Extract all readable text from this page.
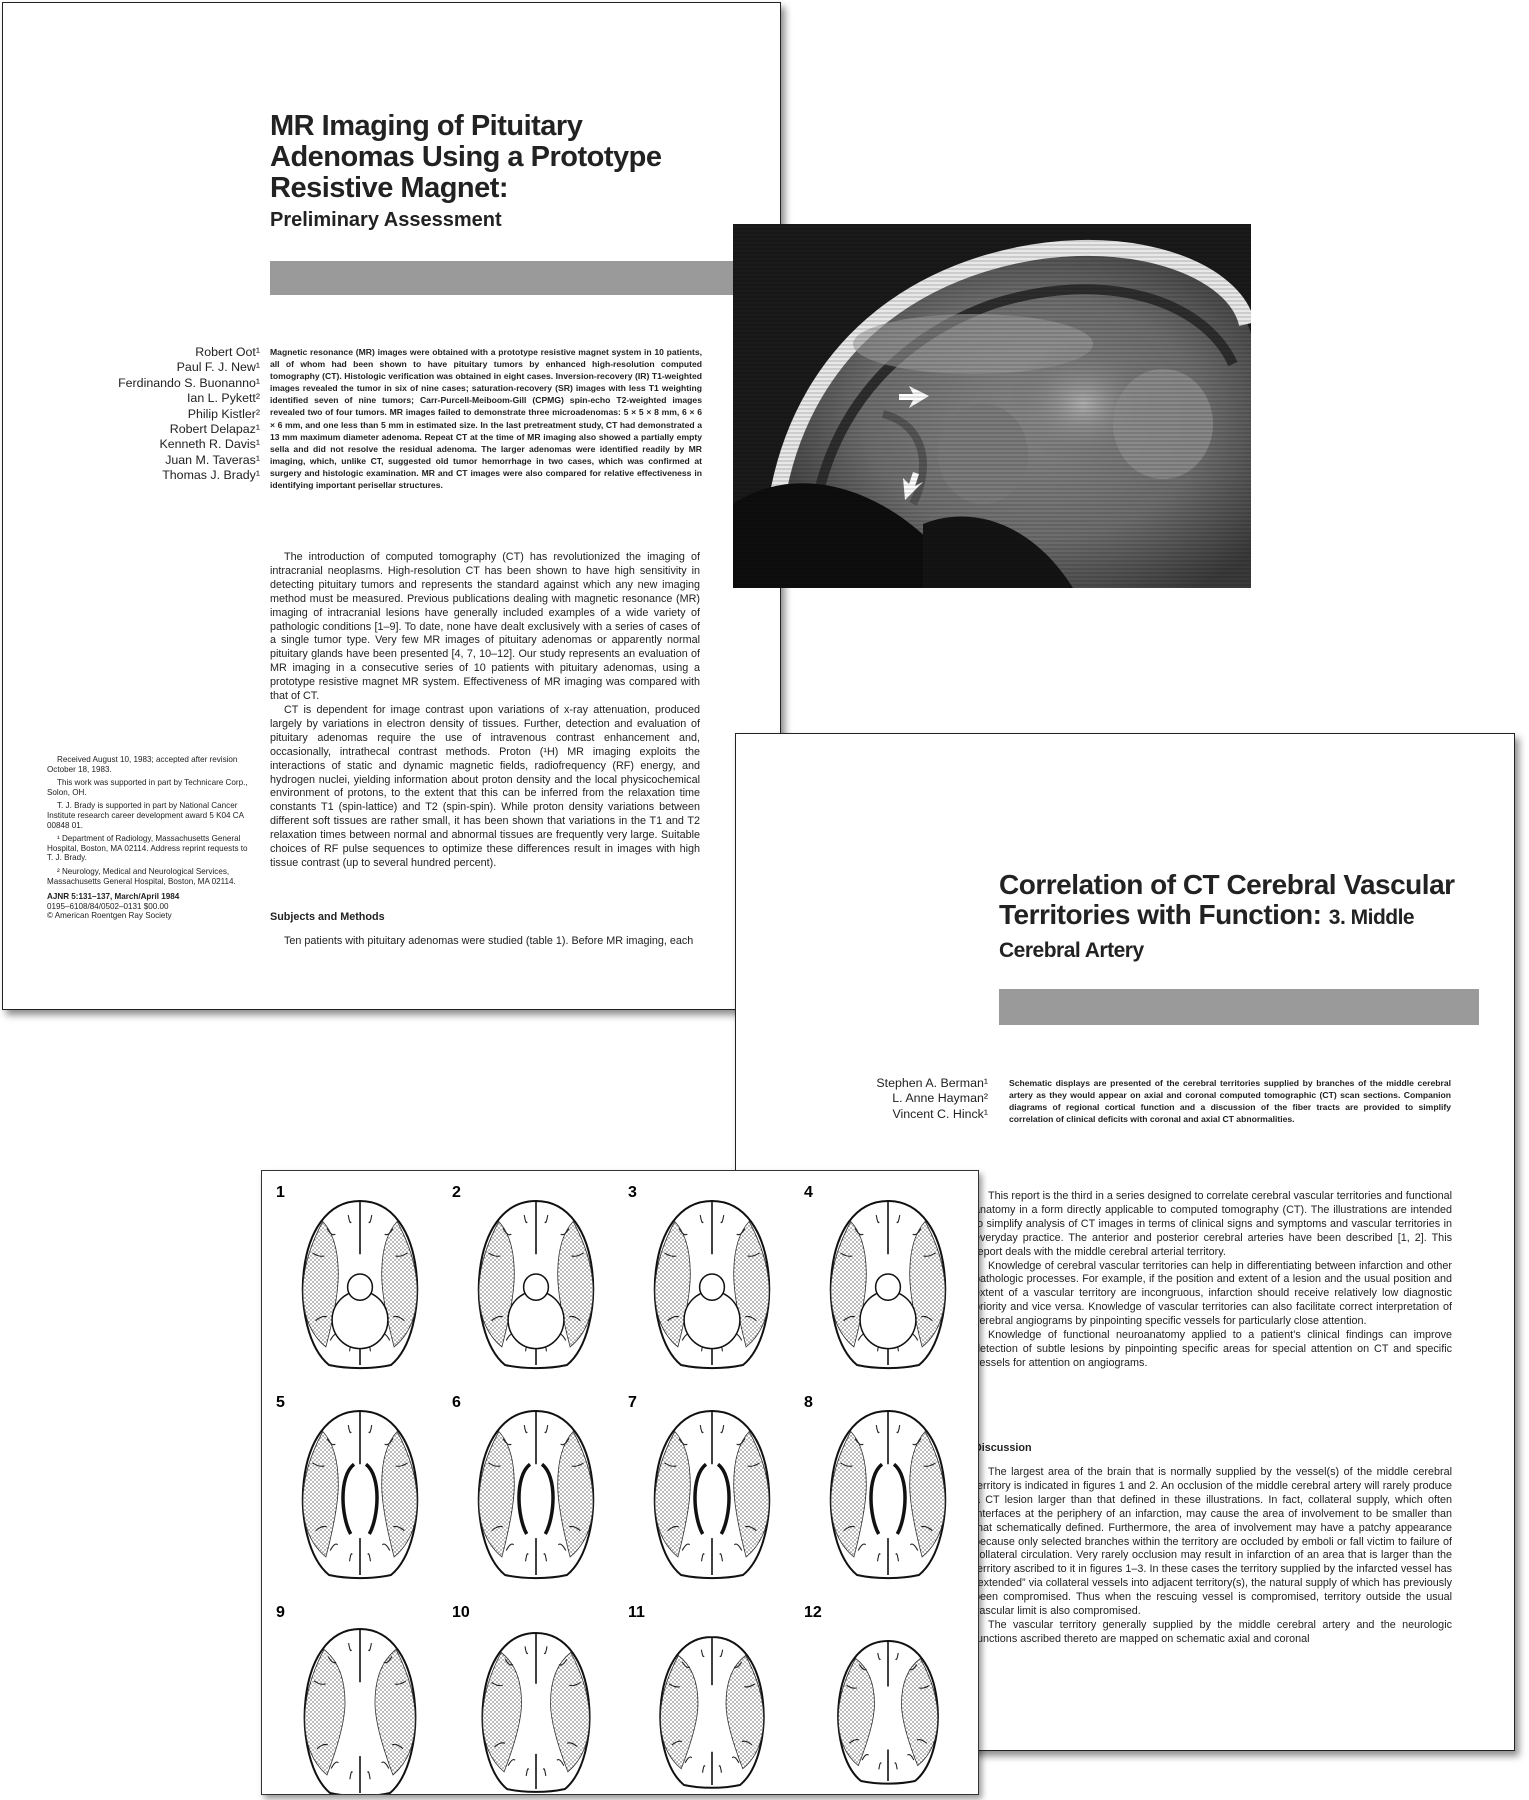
MR Imaging of Pituitary Adenomas Using a Prototype Resistive Magnet:
Preliminary Assessment
Robert Oot¹
Paul F. J. New¹
Ferdinando S. Buonanno¹
Ian L. Pykett²
Philip Kistler²
Robert Delapaz¹
Kenneth R. Davis¹
Juan M. Taveras¹
Thomas J. Brady¹
Magnetic resonance (MR) images were obtained with a prototype resistive magnet system in 10 patients, all of whom had been shown to have pituitary tumors by enhanced high-resolution computed tomography (CT). Histologic verification was obtained in eight cases. Inversion-recovery (IR) T1-weighted images revealed the tumor in six of nine cases; saturation-recovery (SR) images with less T1 weighting identified seven of nine tumors; Carr-Purcell-Meiboom-Gill (CPMG) spin-echo T2-weighted images revealed two of four tumors. MR images failed to demonstrate three microadenomas: 5 × 5 × 8 mm, 6 × 6 × 6 mm, and one less than 5 mm in estimated size. In the last pretreatment study, CT had demonstrated a 13 mm maximum diameter adenoma. Repeat CT at the time of MR imaging also showed a partially empty sella and did not resolve the residual adenoma. The larger adenomas were identified readily by MR imaging, which, unlike CT, suggested old tumor hemorrhage in two cases, which was confirmed at surgery and histologic examination. MR and CT images were also compared for relative effectiveness in identifying important perisellar structures.

The introduction of computed tomography (CT) has revolutionized the imaging of intracranial neoplasms. High-resolution CT has been shown to have high sensitivity in detecting pituitary tumors and represents the standard against which any new imaging method must be measured. Previous publications dealing with magnetic resonance (MR) imaging of intracranial lesions have generally included examples of a wide variety of pathologic conditions [1–9]. To date, none have dealt exclusively with a series of cases of a single tumor type. Very few MR images of pituitary adenomas or apparently normal pituitary glands have been presented [4, 7, 10–12]. Our study represents an evaluation of MR imaging in a consecutive series of 10 patients with pituitary adenomas, using a prototype resistive magnet MR system. Effectiveness of MR imaging was compared with that of CT.

CT is dependent for image contrast upon variations of x-ray attenuation, produced largely by variations in electron density of tissues. Further, detection and evaluation of pituitary adenomas require the use of intravenous contrast enhancement and, occasionally, intrathecal contrast methods. Proton (¹H) MR imaging exploits the interactions of static and dynamic magnetic fields, radiofrequency (RF) energy, and hydrogen nuclei, yielding information about proton density and the local physicochemical environment of protons, to the extent that this can be inferred from the relaxation time constants T1 (spin-lattice) and T2 (spin-spin). While proton density variations between different soft tissues are rather small, it has been shown that variations in the T1 and T2 relaxation times between normal and abnormal tissues are frequently very large. Suitable choices of RF pulse sequences to optimize these differences result in images with high tissue contrast (up to several hundred percent).

Subjects and Methods

Ten patients with pituitary adenomas were studied (table 1). Before MR imaging, each

Received August 10, 1983; accepted after revision October 18, 1983.

This work was supported in part by Technicare Corp., Solon, OH.

T. J. Brady is supported in part by National Cancer Institute research career development award 5 K04 CA 00848 01.

¹ Department of Radiology, Massachusetts General Hospital, Boston, MA 02114. Address reprint requests to T. J. Brady.

² Neurology, Medical and Neurological Services, Massachusetts General Hospital, Boston, MA 02114.

AJNR 5:131–137, March/April 1984

0195–6108/84/0502–0131 $00.00

© American Roentgen Ray Society

Correlation of CT Cerebral Vascular Territories with Function: 3. Middle Cerebral Artery
Stephen A. Berman¹
L. Anne Hayman²
Vincent C. Hinck¹
Schematic displays are presented of the cerebral territories supplied by branches of the middle cerebral artery as they would appear on axial and coronal computed tomographic (CT) scan sections. Companion diagrams of regional cortical function and a discussion of the fiber tracts are provided to simplify correlation of clinical deficits with coronal and axial CT abnormalities.

This report is the third in a series designed to correlate cerebral vascular territories and functional anatomy in a form directly applicable to computed tomography (CT). The illustrations are intended to simplify analysis of CT images in terms of clinical signs and symptoms and vascular territories in everyday practice. The anterior and posterior cerebral arteries have been described [1, 2]. This report deals with the middle cerebral arterial territory.

Knowledge of cerebral vascular territories can help in differentiating between infarction and other pathologic processes. For example, if the position and extent of a lesion and the usual position and extent of a vascular territory are incongruous, infarction should receive relatively low diagnostic priority and vice versa. Knowledge of vascular territories can also facilitate correct interpretation of cerebral angiograms by pinpointing specific vessels for particularly close attention.

Knowledge of functional neuroanatomy applied to a patient’s clinical findings can improve detection of subtle lesions by pinpointing specific areas for special attention on CT and specific vessels for attention on angiograms.

Discussion

The largest area of the brain that is normally supplied by the vessel(s) of the middle cerebral territory is indicated in figures 1 and 2. An occlusion of the middle cerebral artery will rarely produce a CT lesion larger than that defined in these illustrations. In fact, collateral supply, which often interfaces at the periphery of an infarction, may cause the area of involvement to be smaller than that schematically defined. Furthermore, the area of involvement may have a patchy appearance because only selected branches within the territory are occluded by emboli or fall victim to failure of collateral circulation. Very rarely occlusion may result in infarction of an area that is larger than the territory ascribed to it in figures 1–3. In these cases the territory supplied by the infarcted vessel has “extended” via collateral vessels into adjacent territory(s), the natural supply of which has previously been compromised. Thus when the rescuing vessel is compromised, territory outside the usual vascular limit is also compromised.

The vascular territory generally supplied by the middle cerebral artery and the neurologic functions ascribed thereto are mapped on schematic axial and coronal

1	2	3	4
5	6	7	8
9	10	11	12
